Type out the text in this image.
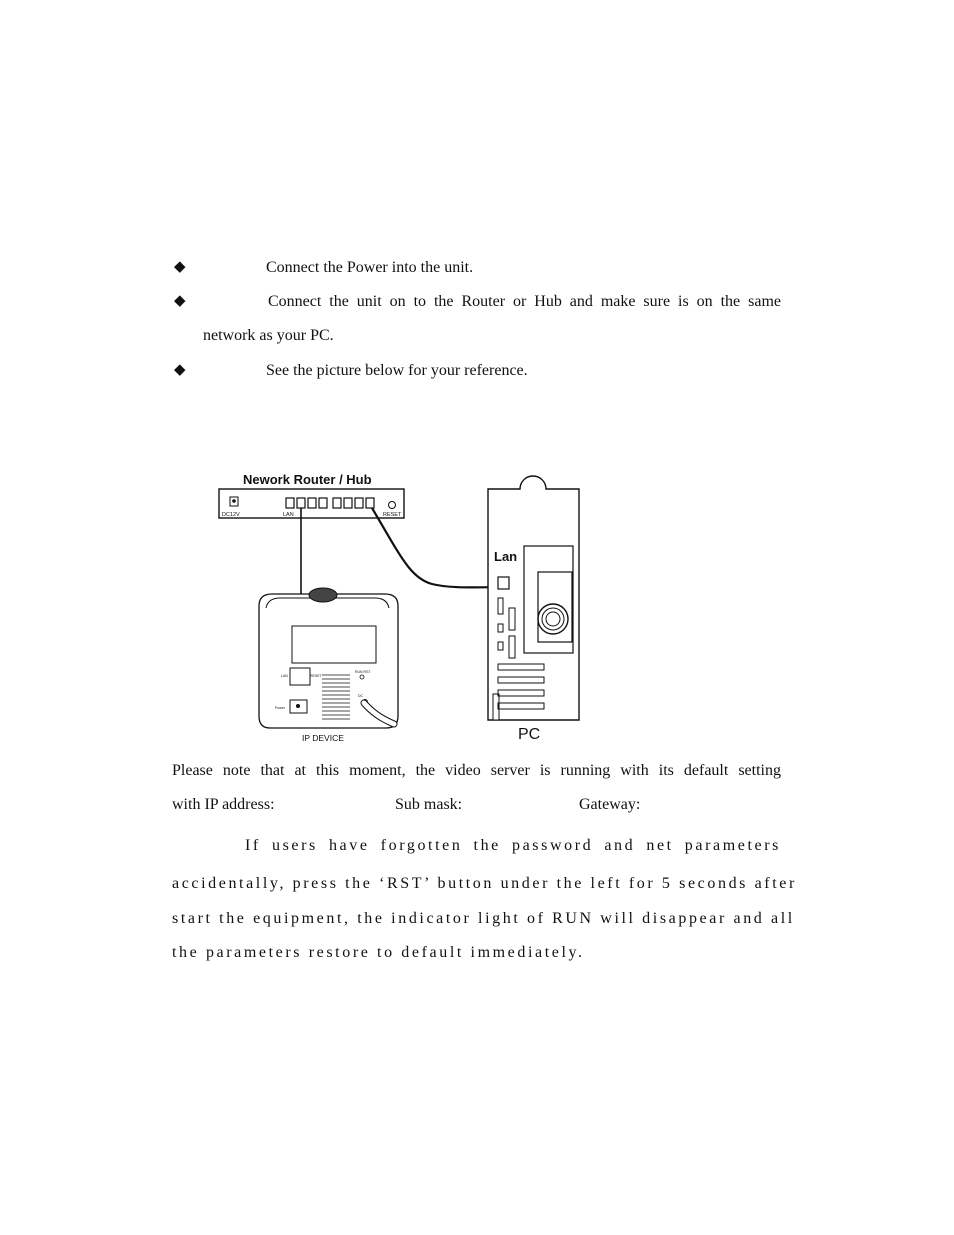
◆	Connect the Power into the unit.
◆	Connect the unit on to the Router or Hub and make sure is on the same
network as your PC.
◆	See the picture below for your reference.
Nework Router / Hub
DC12V	LAN	RESET
Lan
PC
LAN	RESET
RUN RST
Power
DC
IP DEVICE
Please note that at this moment, the video server is running with its default setting
with IP address:	Sub mask:	Gateway:
If users have forgotten the password and net parameters
accidentally, press the ‘RST’ button under the left for 5 seconds after
start the equipment, the indicator light of RUN will disappear and all
the parameters restore to default immediately.
